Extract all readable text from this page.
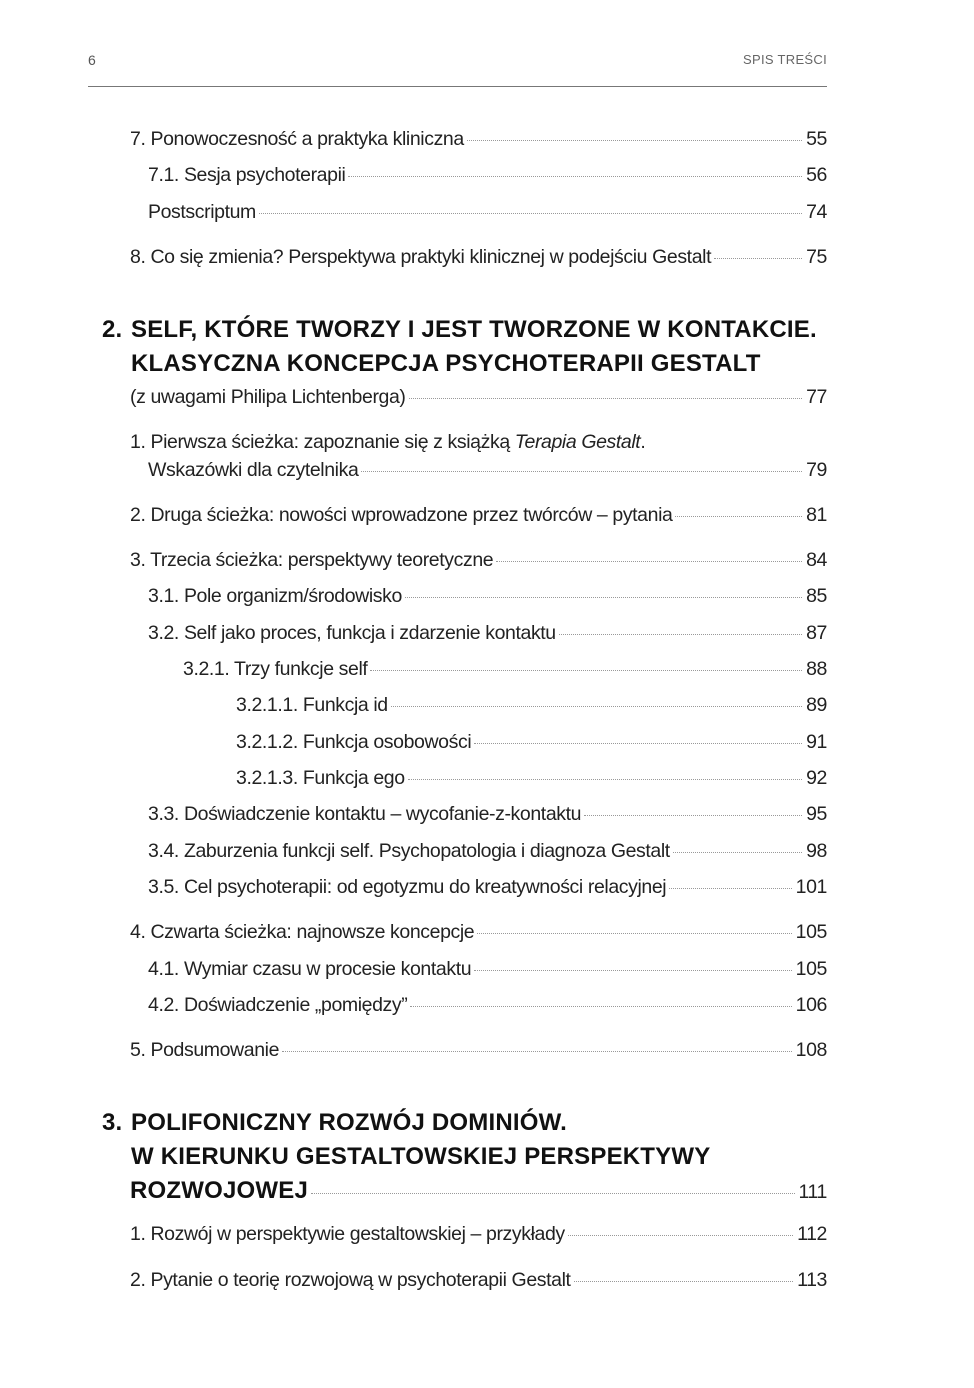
6	SPIS TREŚCI
7. Ponowoczesność a praktyka kliniczna	55
7.1. Sesja psychoterapii	56
Postscriptum	74
8. Co się zmienia? Perspektywa praktyki klinicznej w podejściu Gestalt	75
2. SELF, KTÓRE TWORZY I JEST TWORZONE W KONTAKCIE.
KLASYCZNA KONCEPCJA PSYCHOTERAPII GESTALT
(z uwagami Philipa Lichtenberga)	77
1. Pierwsza ścieżka: zapoznanie się z książką Terapia Gestalt.
Wskazówki dla czytelnika	79
2. Druga ścieżka: nowości wprowadzone przez twórców – pytania	81
3. Trzecia ścieżka: perspektywy teoretyczne	84
3.1. Pole organizm/środowisko	85
3.2. Self jako proces, funkcja i zdarzenie kontaktu	87
3.2.1. Trzy funkcje self	88
3.2.1.1. Funkcja id	89
3.2.1.2. Funkcja osobowości	91
3.2.1.3. Funkcja ego	92
3.3. Doświadczenie kontaktu – wycofanie-z-kontaktu	95
3.4. Zaburzenia funkcji self. Psychopatologia i diagnoza Gestalt	98
3.5. Cel psychoterapii: od egotyzmu do kreatywności relacyjnej	101
4. Czwarta ścieżka: najnowsze koncepcje	105
4.1. Wymiar czasu w procesie kontaktu	105
4.2. Doświadczenie „pomiędzy”	106
5. Podsumowanie	108
3. POLIFONICZNY ROZWÓJ DOMINIÓW.
W KIERUNKU GESTALTOWSKIEJ PERSPEKTYWY
ROZWOJOWEJ	111
1. Rozwój w perspektywie gestaltowskiej – przykłady	112
2. Pytanie o teorię rozwojową w psychoterapii Gestalt	113
